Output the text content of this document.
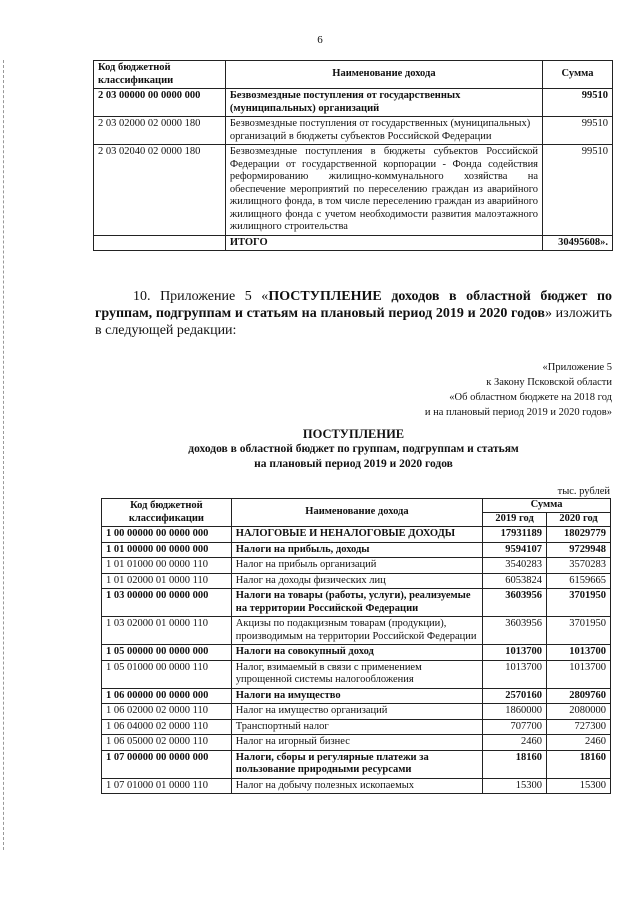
6
Код бюджетной классификации	Наименование дохода	Сумма
2 03 00000 00 0000 000	Безвозмездные поступления от государственных (муниципальных) организаций	99510
2 03 02000 02 0000 180	Безвозмездные поступления от государственных (муниципальных) организаций в бюджеты субъектов Российской Федерации	99510
2 03 02040 02 0000 180	Безвозмездные поступления в бюджеты субъектов Российской Федерации от государственной корпорации - Фонда содействия реформированию жилищно-коммунального хозяйства на обеспечение мероприятий по переселению граждан из аварийного жилищного фонда, в том числе переселению граждан из аварийного жилищного фонда с учетом необходимости развития малоэтажного жилищного строительства	99510
	ИТОГО	30495608».
10. Приложение 5 «ПОСТУПЛЕНИЕ доходов в областной бюджет по группам, подгруппам и статьям на плановый период 2019 и 2020 годов» изложить в следующей редакции:
«Приложение 5
к Закону Псковской области
«Об областном бюджете на 2018 год
и на плановый период 2019 и 2020 годов»
ПОСТУПЛЕНИЕ
доходов в областной бюджет по группам, подгруппам и статьям
на плановый период 2019 и 2020 годов
тыс. рублей
Код бюджетной классификации	Наименование дохода	Сумма	
		2019 год	2020 год
1 00 00000 00 0000 000	НАЛОГОВЫЕ И НЕНАЛОГОВЫЕ ДОХОДЫ	17931189	18029779
1 01 00000 00 0000 000	Налоги на прибыль, доходы	9594107	9729948
1 01 01000 00 0000 110	Налог на прибыль организаций	3540283	3570283
1 01 02000 01 0000 110	Налог на доходы физических лиц	6053824	6159665
1 03 00000 00 0000 000	Налоги на товары (работы, услуги), реализуемые на территории Российской Федерации	3603956	3701950
1 03 02000 01 0000 110	Акцизы по подакцизным товарам (продукции), производимым на территории Российской Федерации	3603956	3701950
1 05 00000 00 0000 000	Налоги на совокупный доход	1013700	1013700
1 05 01000 00 0000 110	Налог, взимаемый в связи с применением упрощенной системы налогообложения	1013700	1013700
1 06 00000 00 0000 000	Налоги на имущество	2570160	2809760
1 06 02000 02 0000 110	Налог на имущество организаций	1860000	2080000
1 06 04000 02 0000 110	Транспортный налог	707700	727300
1 06 05000 02 0000 110	Налог на игорный бизнес	2460	2460
1 07 00000 00 0000 000	Налоги, сборы и регулярные платежи за пользование природными ресурсами	18160	18160
1 07 01000 01 0000 110	Налог на добычу полезных ископаемых	15300	15300
